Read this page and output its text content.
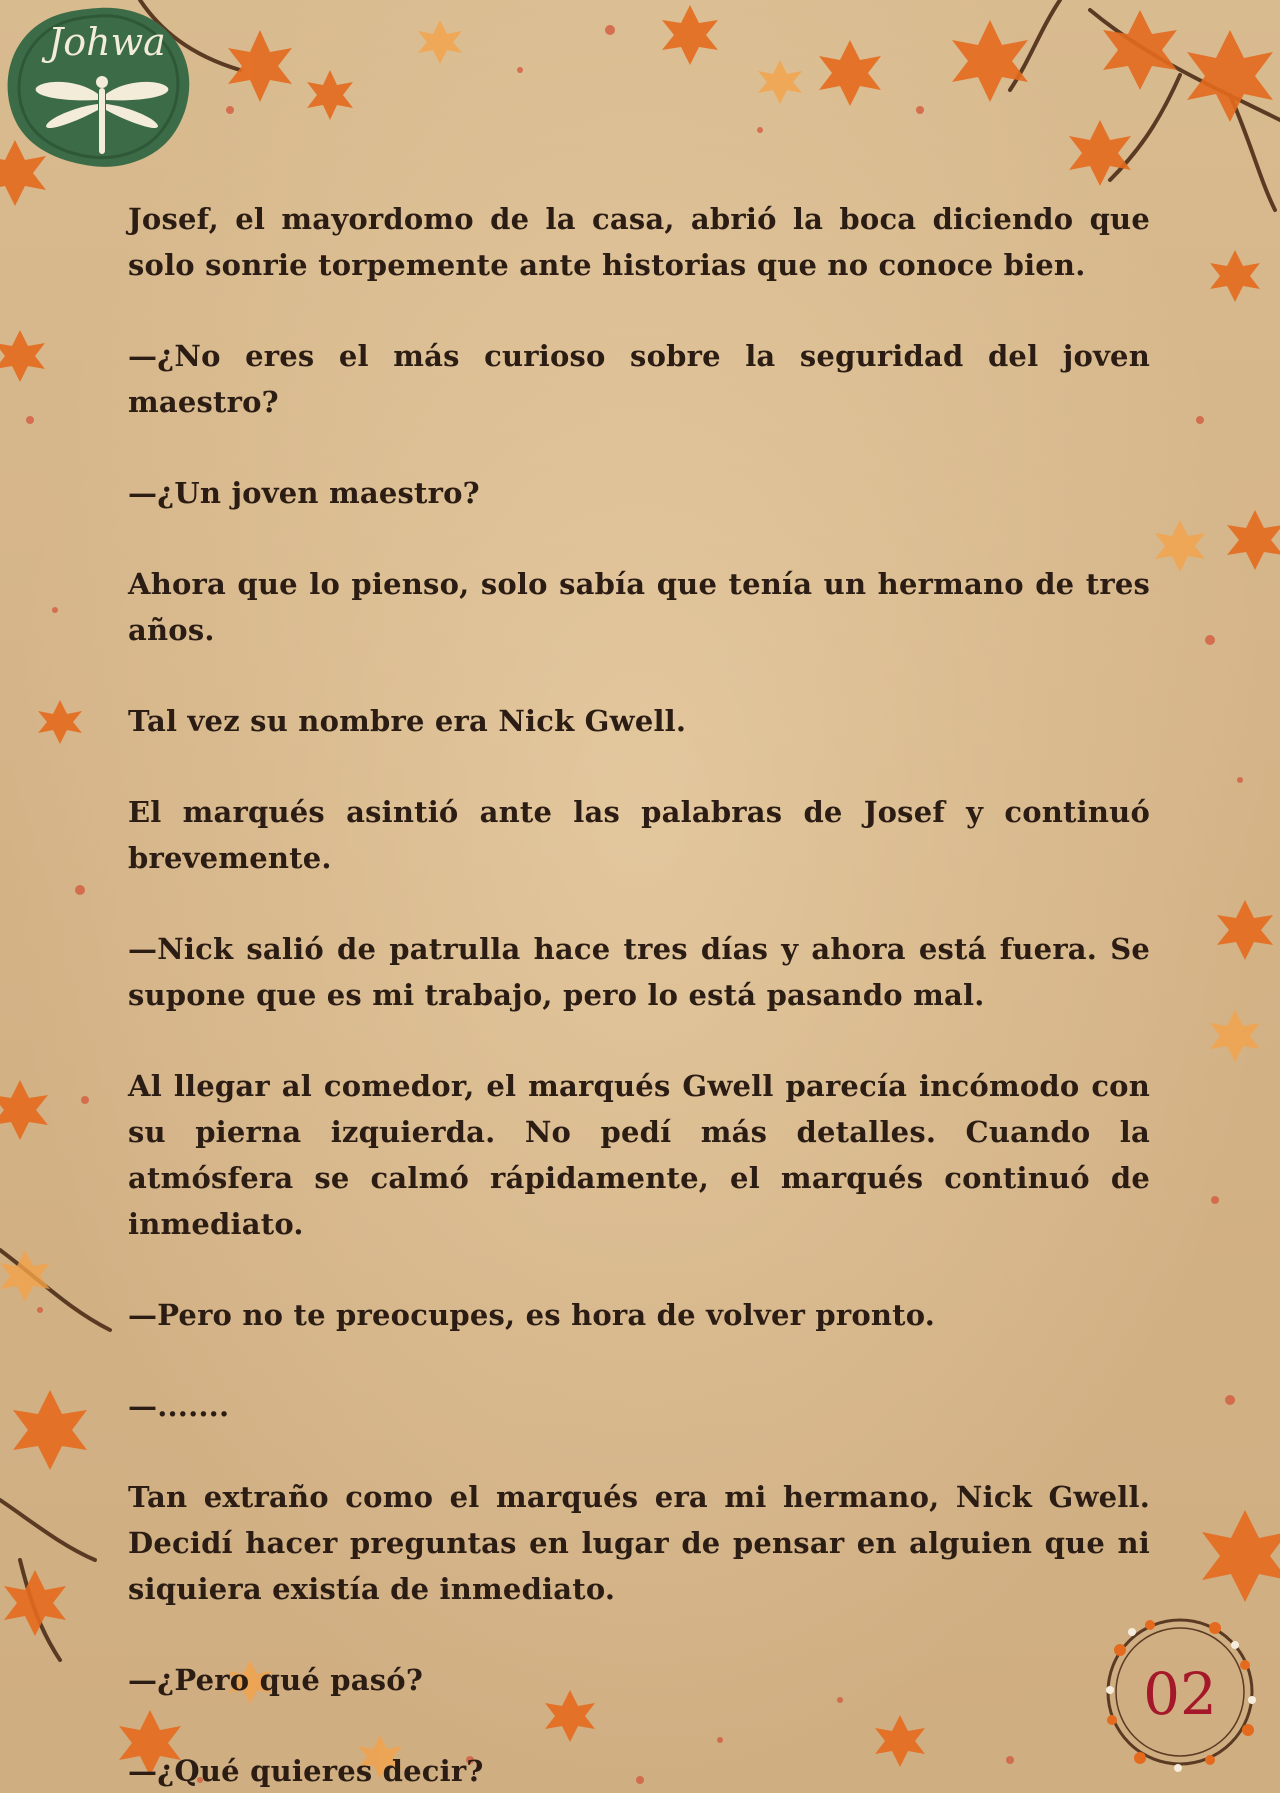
Johwa

Josef, el mayordomo de la casa, abrió la boca diciendo que solo sonrie torpemente ante historias que no conoce bien.

—¿No eres el más curioso sobre la seguridad del joven maestro?

—¿Un joven maestro?

Ahora que lo pienso, solo sabía que tenía un hermano de tres años.

Tal vez su nombre era Nick Gwell.

El marqués asintió ante las palabras de Josef y continuó brevemente.

—Nick salió de patrulla hace tres días y ahora está fuera. Se supone que es mi trabajo, pero lo está pasando mal.

Al llegar al comedor, el marqués Gwell parecía incómodo con su pierna izquierda. No pedí más detalles. Cuando la atmósfera se calmó rápidamente, el marqués continuó de inmediato.

—Pero no te preocupes, es hora de volver pronto.

—.......

Tan extraño como el marqués era mi hermano, Nick Gwell. Decidí hacer preguntas en lugar de pensar en alguien que ni siquiera existía de inmediato.

—¿Pero qué pasó?

—¿Qué quieres decir?

02
